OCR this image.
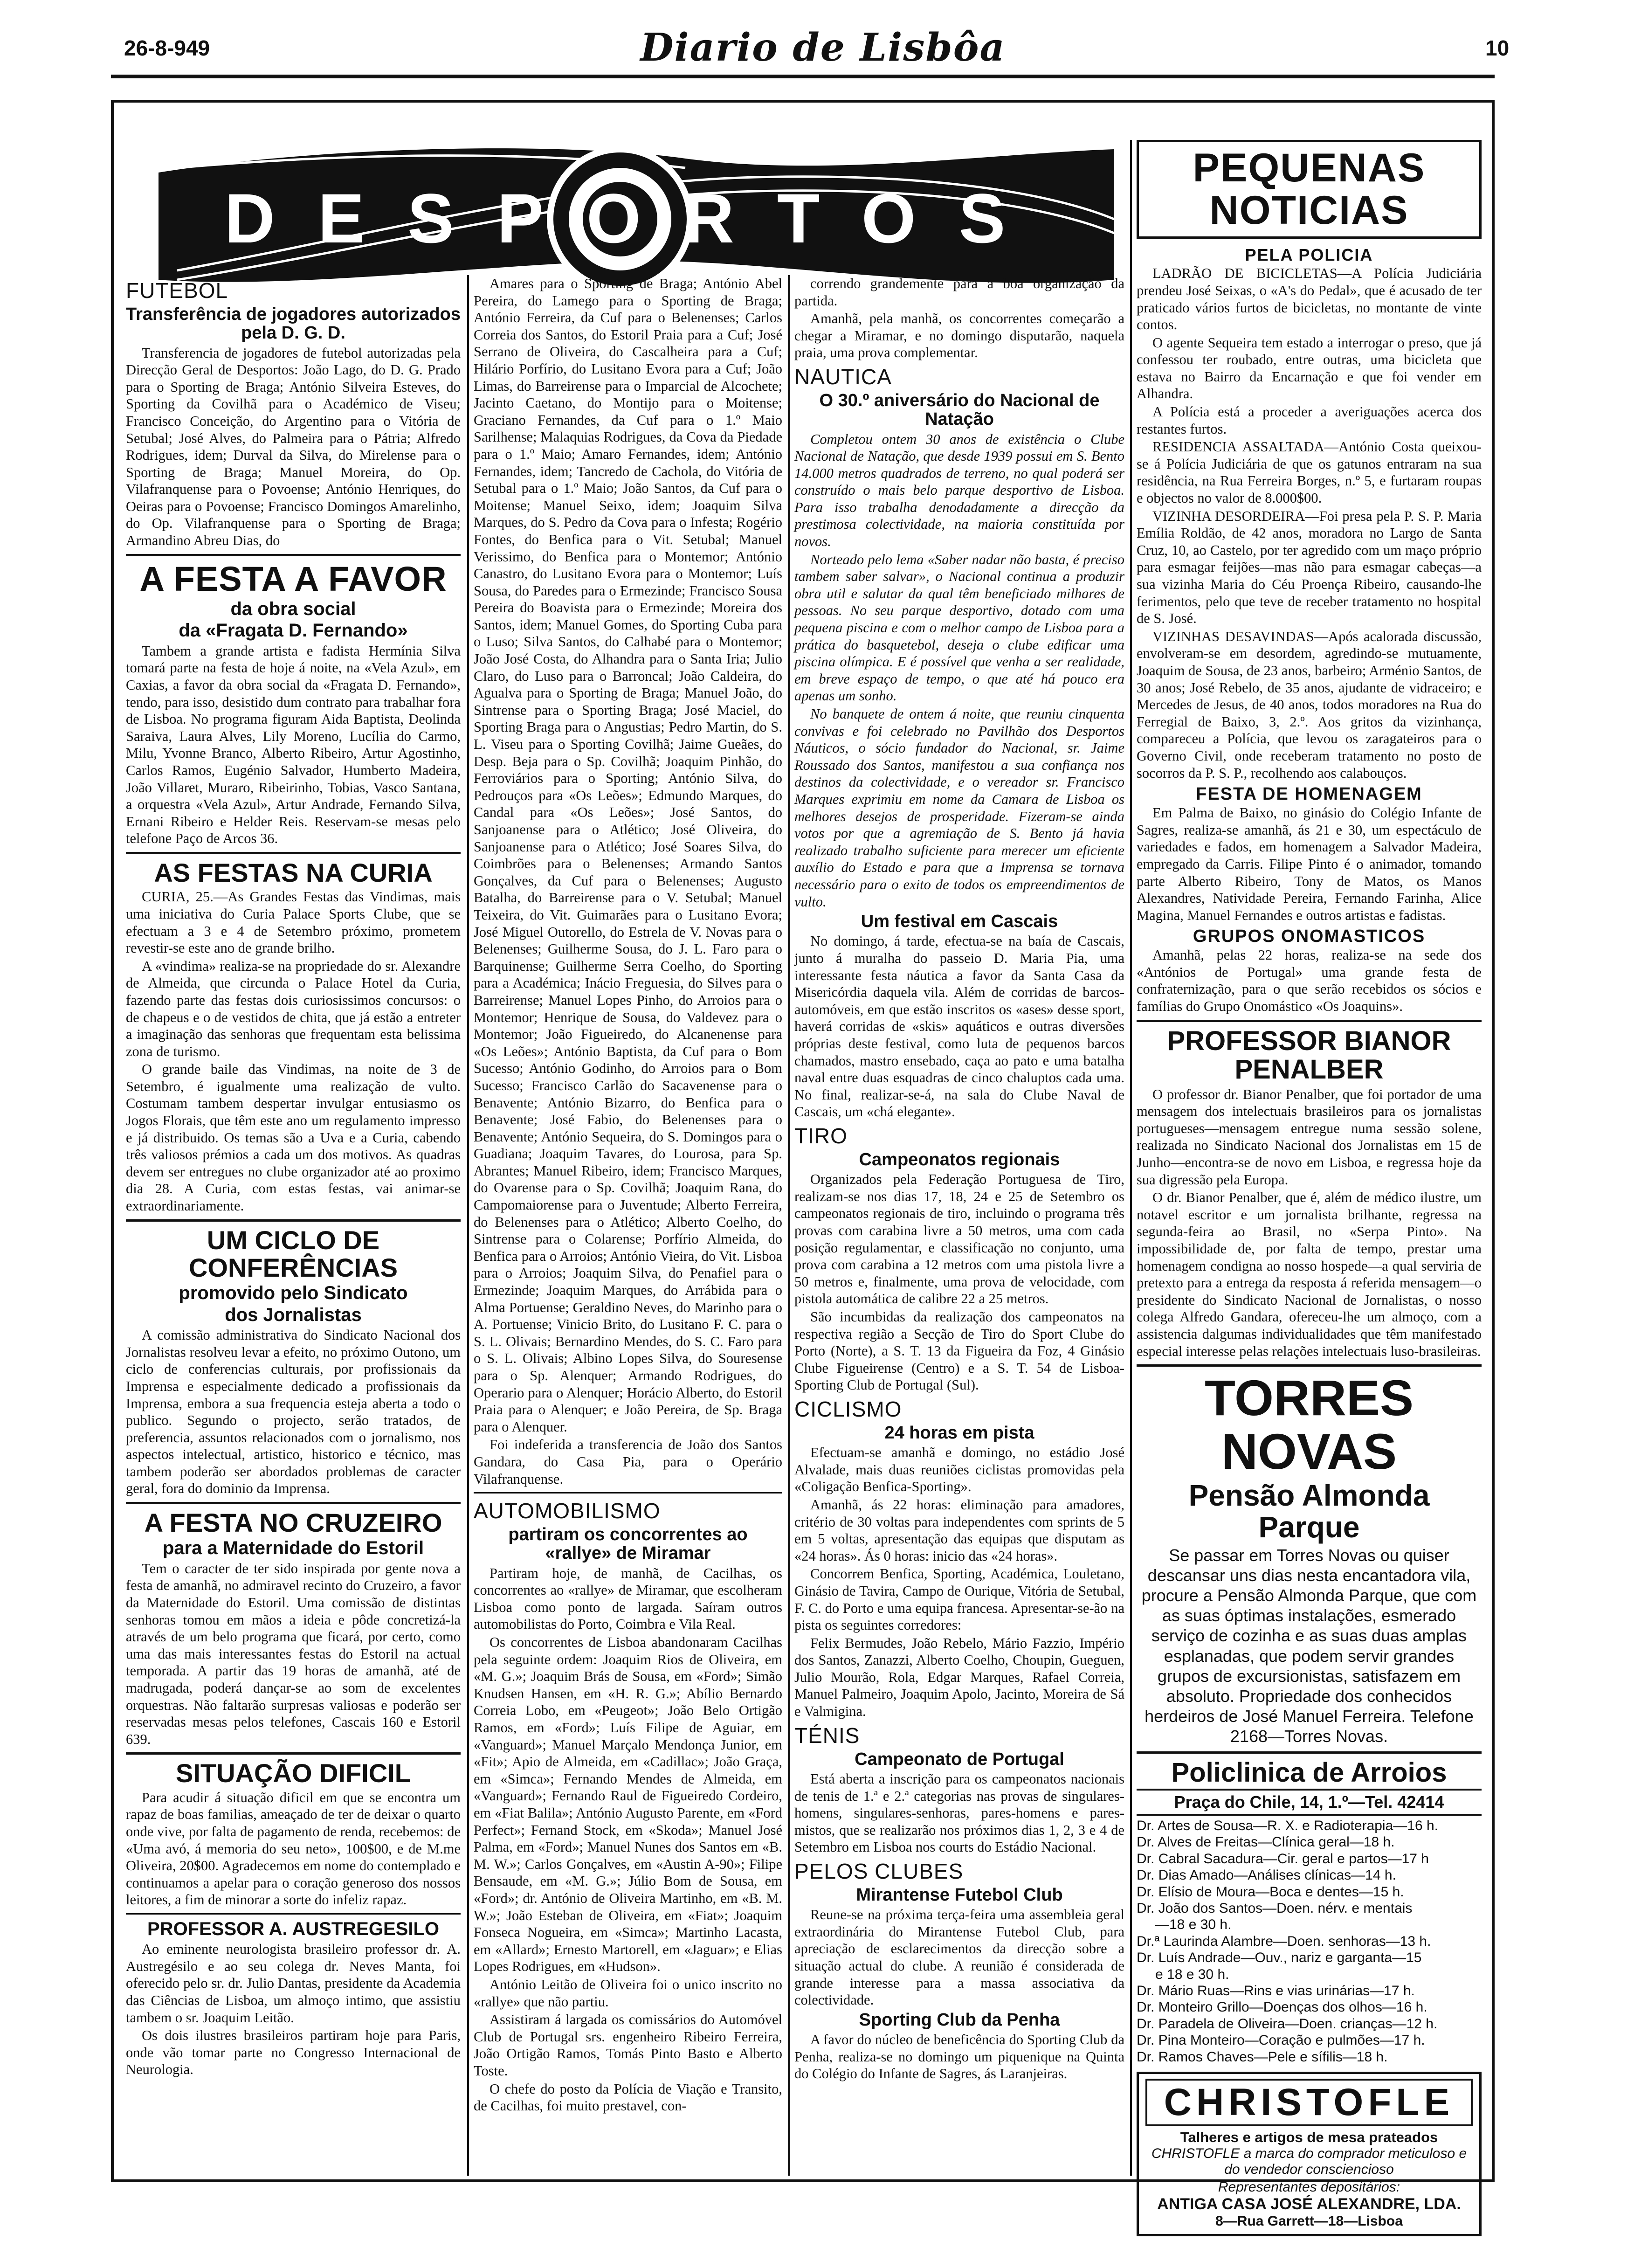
26-8-949	Diario de Lisbôa	10
DESPORTOS
FUTEBOL
Transferência de jogadores autorizados pela D. G. D.

Transferencia de jogadores de futebol autorizadas pela Direcção Geral de Desportos: João Lago, do D. G. Prado para o Sporting de Braga; António Silveira Esteves, do Sporting da Covilhã para o Académico de Viseu; Francisco Conceição, do Argentino para o Vitória de Setubal; José Alves, do Palmeira para o Pátria; Alfredo Rodrigues, idem; Durval da Silva, do Mirelense para o Sporting de Braga; Manuel Moreira, do Op. Vilafranquense para o Povoense; António Henriques, do Oeiras para o Povoense; Francisco Domingos Amarelinho, do Op. Vilafranquense para o Sporting de Braga; Armandino Abreu Dias, do

A FESTA A FAVOR
da obra social
da «Fragata D. Fernando»

Tambem a grande artista e fadista Hermínia Silva tomará parte na festa de hoje á noite, na «Vela Azul», em Caxias, a favor da obra social da «Fragata D. Fernando», tendo, para isso, desistido dum contrato para trabalhar fora de Lisboa. No programa figuram Aida Baptista, Deolinda Saraiva, Laura Alves, Lily Moreno, Lucília do Carmo, Milu, Yvonne Branco, Alberto Ribeiro, Artur Agostinho, Carlos Ramos, Eugénio Salvador, Humberto Madeira, João Villaret, Muraro, Ribeirinho, Tobias, Vasco Santana, a orquestra «Vela Azul», Artur Andrade, Fernando Silva, Ernani Ribeiro e Helder Reis. Reservam-se mesas pelo telefone Paço de Arcos 36.

AS FESTAS NA CURIA

CURIA, 25.—As Grandes Festas das Vindimas, mais uma iniciativa do Curia Palace Sports Clube, que se efectuam a 3 e 4 de Setembro próximo, prometem revestir-se este ano de grande brilho.

A «vindima» realiza-se na propriedade do sr. Alexandre de Almeida, que circunda o Palace Hotel da Curia, fazendo parte das festas dois curiosissimos concursos: o de chapeus e o de vestidos de chita, que já estão a entreter a imaginação das senhoras que frequentam esta belissima zona de turismo.

O grande baile das Vindimas, na noite de 3 de Setembro, é igualmente uma realização de vulto. Costumam tambem despertar invulgar entusiasmo os Jogos Florais, que têm este ano um regulamento impresso e já distribuido. Os temas são a Uva e a Curia, cabendo três valiosos prémios a cada um dos motivos. As quadras devem ser entregues no clube organizador até ao proximo dia 28. A Curia, com estas festas, vai animar-se extraordinariamente.

UM CICLO DE CONFERÊNCIAS
promovido pelo Sindicato
dos Jornalistas

A comissão administrativa do Sindicato Nacional dos Jornalistas resolveu levar a efeito, no próximo Outono, um ciclo de conferencias culturais, por profissionais da Imprensa e especialmente dedicado a profissionais da Imprensa, embora a sua frequencia esteja aberta a todo o publico. Segundo o projecto, serão tratados, de preferencia, assuntos relacionados com o jornalismo, nos aspectos intelectual, artistico, historico e técnico, mas tambem poderão ser abordados problemas de caracter geral, fora do dominio da Imprensa.

A FESTA NO CRUZEIRO
para a Maternidade do Estoril

Tem o caracter de ter sido inspirada por gente nova a festa de amanhã, no admiravel recinto do Cruzeiro, a favor da Maternidade do Estoril. Uma comissão de distintas senhoras tomou em mãos a ideia e pôde concretizá-la através de um belo programa que ficará, por certo, como uma das mais interessantes festas do Estoril na actual temporada. A partir das 19 horas de amanhã, até de madrugada, poderá dançar-se ao som de excelentes orquestras. Não faltarão surpresas valiosas e poderão ser reservadas mesas pelos telefones, Cascais 160 e Estoril 639.

SITUAÇÃO DIFICIL

Para acudir á situação dificil em que se encontra um rapaz de boas familias, ameaçado de ter de deixar o quarto onde vive, por falta de pagamento de renda, recebemos: de «Uma avó, á memoria do seu neto», 100$00, e de M.me Oliveira, 20$00. Agradecemos em nome do contemplado e continuamos a apelar para o coração generoso dos nossos leitores, a fim de minorar a sorte do infeliz rapaz.

PROFESSOR A. AUSTREGESILO

Ao eminente neurologista brasileiro professor dr. A. Austregésilo e ao seu colega dr. Neves Manta, foi oferecido pelo sr. dr. Julio Dantas, presidente da Academia das Ciências de Lisboa, um almoço intimo, que assistiu tambem o sr. Joaquim Leitão.

Os dois ilustres brasileiros partiram hoje para Paris, onde vão tomar parte no Congresso Internacional de Neurologia.

Amares para o Sporting de Braga; António Abel Pereira, do Lamego para o Sporting de Braga; António Ferreira, da Cuf para o Belenenses; Carlos Correia dos Santos, do Estoril Praia para a Cuf; José Serrano de Oliveira, do Cascalheira para a Cuf; Hilário Porfírio, do Lusitano Evora para a Cuf; João Limas, do Barreirense para o Imparcial de Alcochete; Jacinto Caetano, do Montijo para o Moitense; Graciano Fernandes, da Cuf para o 1.º Maio Sarilhense; Malaquias Rodrigues, da Cova da Piedade para o 1.º Maio; Amaro Fernandes, idem; António Fernandes, idem; Tancredo de Cachola, do Vitória de Setubal para o 1.º Maio; João Santos, da Cuf para o Moitense; Manuel Seixo, idem; Joaquim Silva Marques, do S. Pedro da Cova para o Infesta; Rogério Fontes, do Benfica para o Vit. Setubal; Manuel Verissimo, do Benfica para o Montemor; António Canastro, do Lusitano Evora para o Montemor; Luís Sousa, do Paredes para o Ermezinde; Francisco Sousa Pereira do Boavista para o Ermezinde; Moreira dos Santos, idem; Manuel Gomes, do Sporting Cuba para o Luso; Silva Santos, do Calhabé para o Montemor; João José Costa, do Alhandra para o Santa Iria; Julio Claro, do Luso para o Barroncal; João Caldeira, do Agualva para o Sporting de Braga; Manuel João, do Sintrense para o Sporting Braga; José Maciel, do Sporting Braga para o Angustias; Pedro Martin, do S. L. Viseu para o Sporting Covilhã; Jaime Gueães, do Desp. Beja para o Sp. Covilhã; Joaquim Pinhão, do Ferroviários para o Sporting; António Silva, do Pedrouços para «Os Leões»; Edmundo Marques, do Candal para «Os Leões»; José Santos, do Sanjoanense para o Atlético; José Oliveira, do Sanjoanense para o Atlético; José Soares Silva, do Coimbrões para o Belenenses; Armando Santos Gonçalves, da Cuf para o Belenenses; Augusto Batalha, do Barreirense para o V. Setubal; Manuel Teixeira, do Vit. Guimarães para o Lusitano Evora; José Miguel Outorello, do Estrela de V. Novas para o Belenenses; Guilherme Sousa, do J. L. Faro para o Barquinense; Guilherme Serra Coelho, do Sporting para a Académica; Inácio Freguesia, do Silves para o Barreirense; Manuel Lopes Pinho, do Arroios para o Montemor; Henrique de Sousa, do Valdevez para o Montemor; João Figueiredo, do Alcanenense para «Os Leões»; António Baptista, da Cuf para o Bom Sucesso; António Godinho, do Arroios para o Bom Sucesso; Francisco Carlão do Sacavenense para o Benavente; António Bizarro, do Benfica para o Benavente; José Fabio, do Belenenses para o Benavente; António Sequeira, do S. Domingos para o Guadiana; Joaquim Tavares, do Lourosa, para Sp. Abrantes; Manuel Ribeiro, idem; Francisco Marques, do Ovarense para o Sp. Covilhã; Joaquim Rana, do Campomaiorense para o Juventude; Alberto Ferreira, do Belenenses para o Atlético; Alberto Coelho, do Sintrense para o Colarense; Porfírio Almeida, do Benfica para o Arroios; António Vieira, do Vit. Lisboa para o Arroios; Joaquim Silva, do Penafiel para o Ermezinde; Joaquim Marques, do Arrábida para o Alma Portuense; Geraldino Neves, do Marinho para o A. Portuense; Vinicio Brito, do Lusitano F. C. para o S. L. Olivais; Bernardino Mendes, do S. C. Faro para o S. L. Olivais; Albino Lopes Silva, do Souresense para o Sp. Alenquer; Armando Rodrigues, do Operario para o Alenquer; Horácio Alberto, do Estoril Praia para o Alenquer; e João Pereira, de Sp. Braga para o Alenquer.

Foi indeferida a transferencia de João dos Santos Gandara, do Casa Pia, para o Operário Vilafranquense.

AUTOMOBILISMO
partiram os concorrentes ao «rallye» de Miramar

Partiram hoje, de manhã, de Cacilhas, os concorrentes ao «rallye» de Miramar, que escolheram Lisboa como ponto de largada. Saíram outros automobilistas do Porto, Coimbra e Vila Real.

Os concorrentes de Lisboa abandonaram Cacilhas pela seguinte ordem: Joaquim Rios de Oliveira, em «M. G.»; Joaquim Brás de Sousa, em «Ford»; Simão Knudsen Hansen, em «H. R. G.»; Abílio Bernardo Correia Lobo, em «Peugeot»; João Belo Ortigão Ramos, em «Ford»; Luís Filipe de Aguiar, em «Vanguard»; Manuel Marçalo Mendonça Junior, em «Fit»; Apio de Almeida, em «Cadillac»; João Graça, em «Simca»; Fernando Mendes de Almeida, em «Vanguard»; Fernando Raul de Figueiredo Cordeiro, em «Fiat Balila»; António Augusto Parente, em «Ford Perfect»; Fernand Stock, em «Skoda»; Manuel José Palma, em «Ford»; Manuel Nunes dos Santos em «B. M. W.»; Carlos Gonçalves, em «Austin A-90»; Filipe Bensaude, em «M. G.»; Júlio Bom de Sousa, em «Ford»; dr. António de Oliveira Martinho, em «B. M. W.»; João Esteban de Oliveira, em «Fiat»; Joaquim Fonseca Nogueira, em «Simca»; Martinho Lacasta, em «Allard»; Ernesto Martorell, em «Jaguar»; e Elias Lopes Rodrigues, em «Hudson».

António Leitão de Oliveira foi o unico inscrito no «rallye» que não partiu.

Assistiram á largada os comissários do Automóvel Club de Portugal srs. engenheiro Ribeiro Ferreira, João Ortigão Ramos, Tomás Pinto Basto e Alberto Toste.

O chefe do posto da Polícia de Viação e Transito, de Cacilhas, foi muito prestavel, con-

correndo grandemente para a boa organização da partida.

Amanhã, pela manhã, os concorrentes começarão a chegar a Miramar, e no domingo disputarão, naquela praia, uma prova complementar.

NAUTICA
O 30.º aniversário do Nacional de Natação

Completou ontem 30 anos de existência o Clube Nacional de Natação, que desde 1939 possui em S. Bento 14.000 metros quadrados de terreno, no qual poderá ser construído o mais belo parque desportivo de Lisboa. Para isso trabalha denodadamente a direcção da prestimosa colectividade, na maioria constituída por novos.

Norteado pelo lema «Saber nadar não basta, é preciso tambem saber salvar», o Nacional continua a produzir obra util e salutar da qual têm beneficiado milhares de pessoas. No seu parque desportivo, dotado com uma pequena piscina e com o melhor campo de Lisboa para a prática do basquetebol, deseja o clube edificar uma piscina olímpica. E é possível que venha a ser realidade, em breve espaço de tempo, o que até há pouco era apenas um sonho.

No banquete de ontem á noite, que reuniu cinquenta convivas e foi celebrado no Pavilhão dos Desportos Náuticos, o sócio fundador do Nacional, sr. Jaime Roussado dos Santos, manifestou a sua confiança nos destinos da colectividade, e o vereador sr. Francisco Marques exprimiu em nome da Camara de Lisboa os melhores desejos de prosperidade. Fizeram-se ainda votos por que a agremiação de S. Bento já havia realizado trabalho suficiente para merecer um eficiente auxílio do Estado e para que a Imprensa se tornava necessário para o exito de todos os empreendimentos de vulto.

Um festival em Cascais

No domingo, á tarde, efectua-se na baía de Cascais, junto á muralha do passeio D. Maria Pia, uma interessante festa náutica a favor da Santa Casa da Misericórdia daquela vila. Além de corridas de barcos-automóveis, em que estão inscritos os «ases» desse sport, haverá corridas de «skis» aquáticos e outras diversões próprias deste festival, como luta de pequenos barcos chamados, mastro ensebado, caça ao pato e uma batalha naval entre duas esquadras de cinco chaluptos cada uma. No final, realizar-se-á, na sala do Clube Naval de Cascais, um «chá elegante».

TIRO
Campeonatos regionais

Organizados pela Federação Portuguesa de Tiro, realizam-se nos dias 17, 18, 24 e 25 de Setembro os campeonatos regionais de tiro, incluindo o programa três provas com carabina livre a 50 metros, uma com cada posição regulamentar, e classificação no conjunto, uma prova com carabina a 12 metros com uma pistola livre a 50 metros e, finalmente, uma prova de velocidade, com pistola automática de calibre 22 a 25 metros.

São incumbidas da realização dos campeonatos na respectiva região a Secção de Tiro do Sport Clube do Porto (Norte), a S. T. 13 da Figueira da Foz, 4 Ginásio Clube Figueirense (Centro) e a S. T. 54 de Lisboa-Sporting Club de Portugal (Sul).

CICLISMO
24 horas em pista

Efectuam-se amanhã e domingo, no estádio José Alvalade, mais duas reuniões ciclistas promovidas pela «Coligação Benfica-Sporting».

Amanhã, ás 22 horas: eliminação para amadores, critério de 30 voltas para independentes com sprints de 5 em 5 voltas, apresentação das equipas que disputam as «24 horas». Ás 0 horas: inicio das «24 horas».

Concorrem Benfica, Sporting, Académica, Louletano, Ginásio de Tavira, Campo de Ourique, Vitória de Setubal, F. C. do Porto e uma equipa francesa. Apresentar-se-ão na pista os seguintes corredores:

Felix Bermudes, João Rebelo, Mário Fazzio, Império dos Santos, Zanazzi, Alberto Coelho, Choupin, Gueguen, Julio Mourão, Rola, Edgar Marques, Rafael Correia, Manuel Palmeiro, Joaquim Apolo, Jacinto, Moreira de Sá e Valmigina.

TÉNIS
Campeonato de Portugal

Está aberta a inscrição para os campeonatos nacionais de tenis de 1.ª e 2.ª categorias nas provas de singulares-homens, singulares-senhoras, pares-homens e pares-mistos, que se realizarão nos próximos dias 1, 2, 3 e 4 de Setembro em Lisboa nos courts do Estádio Nacional.

PELOS CLUBES
Mirantense Futebol Club

Reune-se na próxima terça-feira uma assembleia geral extraordinária do Mirantense Futebol Club, para apreciação de esclarecimentos da direcção sobre a situação actual do clube. A reunião é considerada de grande interesse para a massa associativa da colectividade.

Sporting Club da Penha

A favor do núcleo de beneficência do Sporting Club da Penha, realiza-se no domingo um piquenique na Quinta do Colégio do Infante de Sagres, ás Laranjeiras.

PEQUENAS NOTICIAS
PELA POLICIA

LADRÃO DE BICICLETAS—A Polícia Judiciária prendeu José Seixas, o «A's do Pedal», que é acusado de ter praticado vários furtos de bicicletas, no montante de vinte contos.

O agente Sequeira tem estado a interrogar o preso, que já confessou ter roubado, entre outras, uma bicicleta que estava no Bairro da Encarnação e que foi vender em Alhandra.

A Polícia está a proceder a averiguações acerca dos restantes furtos.

RESIDENCIA ASSALTADA—António Costa queixou-se á Polícia Judiciária de que os gatunos entraram na sua residência, na Rua Ferreira Borges, n.º 5, e furtaram roupas e objectos no valor de 8.000$00.

VIZINHA DESORDEIRA—Foi presa pela P. S. P. Maria Emília Roldão, de 42 anos, moradora no Largo de Santa Cruz, 10, ao Castelo, por ter agredido com um maço próprio para esmagar feijões—mas não para esmagar cabeças—a sua vizinha Maria do Céu Proença Ribeiro, causando-lhe ferimentos, pelo que teve de receber tratamento no hospital de S. José.

VIZINHAS DESAVINDAS—Após acalorada discussão, envolveram-se em desordem, agredindo-se mutuamente, Joaquim de Sousa, de 23 anos, barbeiro; Arménio Santos, de 30 anos; José Rebelo, de 35 anos, ajudante de vidraceiro; e Mercedes de Jesus, de 40 anos, todos moradores na Rua do Ferregial de Baixo, 3, 2.º. Aos gritos da vizinhança, compareceu a Polícia, que levou os zaragateiros para o Governo Civil, onde receberam tratamento no posto de socorros da P. S. P., recolhendo aos calabouços.

FESTA DE HOMENAGEM

Em Palma de Baixo, no ginásio do Colégio Infante de Sagres, realiza-se amanhã, ás 21 e 30, um espectáculo de variedades e fados, em homenagem a Salvador Madeira, empregado da Carris. Filipe Pinto é o animador, tomando parte Alberto Ribeiro, Tony de Matos, os Manos Alexandres, Natividade Pereira, Fernando Farinha, Alice Magina, Manuel Fernandes e outros artistas e fadistas.

GRUPOS ONOMASTICOS

Amanhã, pelas 22 horas, realiza-se na sede dos «Antónios de Portugal» uma grande festa de confraternização, para o que serão recebidos os sócios e famílias do Grupo Onomástico «Os Joaquins».

PROFESSOR BIANOR PENALBER

O professor dr. Bianor Penalber, que foi portador de uma mensagem dos intelectuais brasileiros para os jornalistas portugueses—mensagem entregue numa sessão solene, realizada no Sindicato Nacional dos Jornalistas em 15 de Junho—encontra-se de novo em Lisboa, e regressa hoje da sua digressão pela Europa.

O dr. Bianor Penalber, que é, além de médico ilustre, um notavel escritor e um jornalista brilhante, regressa na segunda-feira ao Brasil, no «Serpa Pinto». Na impossibilidade de, por falta de tempo, prestar uma homenagem condigna ao nosso hospede—a qual serviria de pretexto para a entrega da resposta á referida mensagem—o presidente do Sindicato Nacional de Jornalistas, o nosso colega Alfredo Gandara, ofereceu-lhe um almoço, com a assistencia dalgumas individualidades que têm manifestado especial interesse pelas relações intelectuais luso-brasileiras.

TORRES NOVAS
Pensão Almonda Parque

Se passar em Torres Novas ou quiser descansar uns dias nesta encantadora vila, procure a Pensão Almonda Parque, que com as suas óptimas instalações, esmerado serviço de cozinha e as suas duas amplas esplanadas, que podem servir grandes grupos de excursionistas, satisfazem em absoluto. Propriedade dos conhecidos herdeiros de José Manuel Ferreira. Telefone 2168—Torres Novas.

Policlinica de Arroios
Praça do Chile, 14, 1.º—Tel. 42414
Dr. Artes de Sousa—R. X. e Radioterapia—16 h.
Dr. Alves de Freitas—Clínica geral—18 h.
Dr. Cabral Sacadura—Cir. geral e partos—17 h
Dr. Dias Amado—Análises clínicas—14 h.
Dr. Elísio de Moura—Boca e dentes—15 h.
Dr. João dos Santos—Doen. nérv. e mentais
—18 e 30 h.
Dr.ª Laurinda Alambre—Doen. senhoras—13 h.
Dr. Luís Andrade—Ouv., nariz e garganta—15
e 18 e 30 h.
Dr. Mário Ruas—Rins e vias urinárias—17 h.
Dr. Monteiro Grillo—Doenças dos olhos—16 h.
Dr. Paradela de Oliveira—Doen. crianças—12 h.
Dr. Pina Monteiro—Coração e pulmões—17 h.
Dr. Ramos Chaves—Pele e sífilis—18 h.
CHRISTOFLE
Talheres e artigos de mesa prateados
CHRISTOFLE a marca do comprador meticuloso e do vendedor consciencioso
Representantes depositários:
ANTIGA CASA JOSÉ ALEXANDRE, LDA.
8—Rua Garrett—18—Lisboa
